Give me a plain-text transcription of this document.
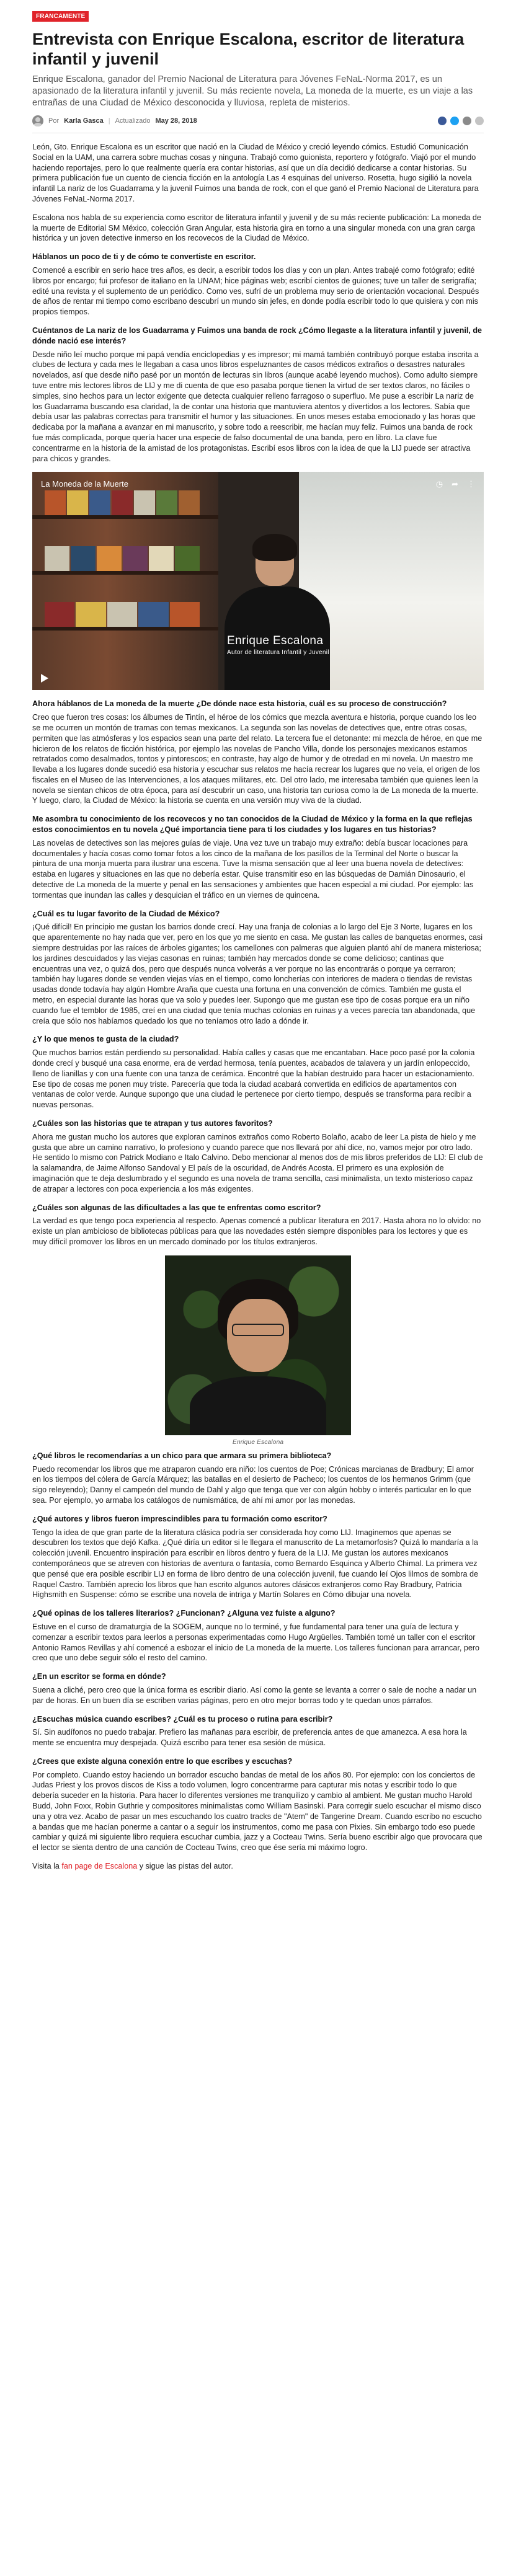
FRANCAMENTE
Entrevista con Enrique Escalona, escritor de literatura infantil y juvenil

Enrique Escalona, ganador del Premio Nacional de Literatura para Jóvenes FeNaL-Norma 2017, es un apasionado de la literatura infantil y juvenil. Su más reciente novela, La moneda de la muerte, es un viaje a las entrañas de una Ciudad de México desconocida y lluviosa, repleta de misterios.

Por Karla Gasca | Actualizado May 28, 2018

León, Gto. Enrique Escalona es un escritor que nació en la Ciudad de México y creció leyendo cómics. Estudió Comunicación Social en la UAM, una carrera sobre muchas cosas y ninguna. Trabajó como guionista, reportero y fotógrafo. Viajó por el mundo haciendo reportajes, pero lo que realmente quería era contar historias, así que un día decidió dedicarse a contar historias. Su primera publicación fue un cuento de ciencia ficción en la antología Las 4 esquinas del universo. Rosetta, hugo sigilió la novela infantil La nariz de los Guadarrama y la juvenil Fuimos una banda de rock, con el que ganó el Premio Nacional de Literatura para Jóvenes FeNaL-Norma 2017.

Escalona nos habla de su experiencia como escritor de literatura infantil y juvenil y de su más reciente publicación: La moneda de la muerte de Editorial SM México, colección Gran Angular, esta historia gira en torno a una singular moneda con una gran carga histórica y un joven detective inmerso en los recovecos de la Ciudad de México.

Háblanos un poco de ti y de cómo te convertiste en escritor.

Comencé a escribir en serio hace tres años, es decir, a escribir todos los días y con un plan. Antes trabajé como fotógrafo; edité libros por encargo; fui profesor de italiano en la UNAM; hice páginas web; escribí cientos de guiones; tuve un taller de serigrafía; edité una revista y el suplemento de un periódico. Como ves, sufrí de un problema muy serio de orientación vocacional. Después de años de rentar mi tiempo como escribano descubrí un mundo sin jefes, en donde podía escribir todo lo que quisiera y con mis propios tiempos.

Cuéntanos de La nariz de los Guadarrama y Fuimos una banda de rock ¿Cómo llegaste a la literatura infantil y juvenil, de dónde nació ese interés?

Desde niño leí mucho porque mi papá vendía enciclopedias y es impresor; mi mamá también contribuyó porque estaba inscrita a clubes de lectura y cada mes le llegaban a casa unos libros espeluznantes de casos médicos extraños o desastres naturales novelados, así que desde niño pasé por un montón de lecturas sin libros (aunque acabé leyendo muchos). Como adulto siempre tuve entre mis lectores libros de LIJ y me di cuenta de que eso pasaba porque tienen la virtud de ser textos claros, no fáciles o simples, sino hechos para un lector exigente que detecta cualquier relleno farragoso o superfluo. Me puse a escribir La nariz de los Guadarrama buscando esa claridad, la de contar una historia que mantuviera atentos y divertidos a los lectores. Sabía que debía usar las palabras correctas para transmitir el humor y las situaciones. En unos meses estaba emocionado y las horas que dedicaba por la mañana a avanzar en mi manuscrito, y sobre todo a reescribir, me hacían muy feliz. Fuimos una banda de rock fue más complicada, porque quería hacer una especie de falso documental de una banda, pero en libro. La clave fue concentrarme en la historia de la amistad de los protagonistas. Escribí esos libros con la idea de que la LIJ puede ser atractiva para chicos y grandes.

La Moneda de la Muerte	◷ ➦ ⋮
Enrique Escalona
Autor de literatura Infantil y Juvenil

Ahora háblanos de La moneda de la muerte ¿De dónde nace esta historia, cuál es su proceso de construcción?

Creo que fueron tres cosas: los álbumes de Tintín, el héroe de los cómics que mezcla aventura e historia, porque cuando los leo se me ocurren un montón de tramas con temas mexicanos. La segunda son las novelas de detectives que, entre otras cosas, permiten que las atmósferas y los espacios sean una parte del relato. La tercera fue el detonante: mi mezcla de héroe, en que me hicieron de los relatos de ficción histórica, por ejemplo las novelas de Pancho Villa, donde los personajes mexicanos estamos retratados como desalmados, tontos y pintorescos; en contraste, hay algo de humor y de otredad en mi novela. Un maestro me llevaba a los lugares donde sucedió esa historia y escuchar sus relatos me hacía recrear los lugares que no veía, el origen de los fiscales en el Museo de las Intervenciones, a los ataques militares, etc. Del otro lado, me interesaba también que quienes leen la novela se sientan chicos de otra época, para así descubrir un caso, una historia tan curiosa como la de La moneda de la muerte. Y luego, claro, la Ciudad de México: la historia se cuenta en una versión muy viva de la ciudad.

Me asombra tu conocimiento de los recovecos y no tan conocidos de la Ciudad de México y la forma en la que reflejas estos conocimientos en tu novela ¿Qué importancia tiene para ti los ciudades y los lugares en tus historias?

Las novelas de detectives son las mejores guías de viaje. Una vez tuve un trabajo muy extraño: debía buscar locaciones para documentales y hacía cosas como tomar fotos a los cinco de la mañana de los pasillos de la Terminal del Norte o buscar la pintura de una monja muerta para ilustrar una escena. Tuve la misma sensación que al leer una buena novela de detectives: estaba en lugares y situaciones en las que no debería estar. Quise transmitir eso en las búsquedas de Damián Dinosaurio, el detective de La moneda de la muerte y penal en las sensaciones y ambientes que hacen especial a mi ciudad. Por ejemplo: las tormentas que inundan las calles y desquician el tráfico en un viernes de quincena.

¿Cuál es tu lugar favorito de la Ciudad de México?

¡Qué difícil! En principio me gustan los barrios donde crecí. Hay una franja de colonias a lo largo del Eje 3 Norte, lugares en los que aparentemente no hay nada que ver, pero en los que yo me siento en casa. Me gustan las calles de banquetas enormes, casi siempre destruidas por las raíces de árboles gigantes; los camellones con palmeras que alguien plantó ahí de manera misteriosa; los jardines descuidados y las viejas casonas en ruinas; también hay mercados donde se come delicioso; cantinas que encuentras una vez, o quizá dos, pero que después nunca volverás a ver porque no las encontrarás o porque ya cerraron; también hay lugares donde se venden viejas vías en el tiempo, como loncherías con interiores de madera o tiendas de revistas usadas donde todavía hay algún Hombre Araña que cuesta una fortuna en una convención de cómics. También me gusta el metro, en especial durante las horas que va solo y puedes leer. Supongo que me gustan ese tipo de cosas porque era un niño cuando fue el temblor de 1985, creí en una ciudad que tenía muchas colonias en ruinas y a veces parecía tan abandonada, que creía que sólo nos habíamos quedado los que no teníamos otro lado a dónde ir.

¿Y lo que menos te gusta de la ciudad?

Que muchos barrios están perdiendo su personalidad. Había calles y casas que me encantaban. Hace poco pasé por la colonia donde crecí y busqué una casa enorme, era de verdad hermosa, tenía puentes, acabados de talavera y un jardín enlopeccido, lleno de lianillas y con una fuente con una tanza de cerámica. Encontré que la habían destruido para hacer un estacionamiento. Ese tipo de cosas me ponen muy triste. Parecería que toda la ciudad acabará convertida en edificios de apartamentos con ventanas de color verde. Aunque supongo que una ciudad le pertenece por cierto tiempo, después se transforma para recibir a nuevas personas.

¿Cuáles son las historias que te atrapan y tus autores favoritos?

Ahora me gustan mucho los autores que exploran caminos extraños como Roberto Bolaño, acabo de leer La pista de hielo y me gusta que abre un camino narrativo, lo profesiono y cuando parece que nos llevará por ahí dice, no, vamos mejor por otro lado. He sentido lo mismo con Patrick Modiano e Italo Calvino. Debo mencionar al menos dos de mis libros preferidos de LIJ: El club de la salamandra, de Jaime Alfonso Sandoval y El país de la oscuridad, de Andrés Acosta. El primero es una explosión de imaginación que te deja deslumbrado y el segundo es una novela de trama sencilla, casi minimalista, un texto misterioso capaz de atrapar a lectores con poca experiencia a los más exigentes.

¿Cuáles son algunas de las dificultades a las que te enfrentas como escritor?

La verdad es que tengo poca experiencia al respecto. Apenas comencé a publicar literatura en 2017. Hasta ahora no lo olvido: no existe un plan ambicioso de bibliotecas públicas para que las novedades estén siempre disponibles para los lectores y que es muy difícil promover los libros en un mercado dominado por los títulos extranjeros.

Enrique Escalona

¿Qué libros le recomendarías a un chico para que armara su primera biblioteca?

Puedo recomendar los libros que me atraparon cuando era niño: los cuentos de Poe; Crónicas marcianas de Bradbury; El amor en los tiempos del cólera de García Márquez; las batallas en el desierto de Pacheco; los cuentos de los hermanos Grimm (que sigo releyendo); Danny el campeón del mundo de Dahl y algo que tenga que ver con algún hobby o interés particular en lo que sea. Por ejemplo, yo armaba los catálogos de numismática, de ahí mi amor por las monedas.

¿Qué autores y libros fueron imprescindibles para tu formación como escritor?

Tengo la idea de que gran parte de la literatura clásica podría ser considerada hoy como LIJ. Imaginemos que apenas se descubren los textos que dejó Kafka. ¿Qué diría un editor si le llegara el manuscrito de La metamorfosis? Quizá lo mandaría a la colección juvenil. Encuentro inspiración para escribir en libros dentro y fuera de la LIJ. Me gustan los autores mexicanos contemporáneos que se atreven con historias de aventura o fantasía, como Bernardo Esquinca y Alberto Chimal. La primera vez que pensé que era posible escribir LIJ en forma de libro dentro de una colección juvenil, fue cuando leí Ojos lilmos de sombra de Raquel Castro. También aprecio los libros que han escrito algunos autores clásicos extranjeros como Ray Bradbury, Patricia Highsmith en Suspense: cómo se escribe una novela de intriga y Martín Solares en Cómo dibujar una novela.

¿Qué opinas de los talleres literarios? ¿Funcionan? ¿Alguna vez fuiste a alguno?

Estuve en el curso de dramaturgia de la SOGEM, aunque no lo terminé, y fue fundamental para tener una guía de lectura y comenzar a escribir textos para leerlos a personas experimentadas como Hugo Argüelles. También tomé un taller con el escritor Antonio Ramos Revillas y ahí comencé a esbozar el inicio de La moneda de la muerte. Los talleres funcionan para arrancar, pero creo que uno debe seguir sólo el resto del camino.

¿En un escritor se forma en dónde?

Suena a cliché, pero creo que la única forma es escribir diario. Así como la gente se levanta a correr o sale de noche a nadar un par de horas. En un buen día se escriben varias páginas, pero en otro mejor borras todo y te quedan unos párrafos.

¿Escuchas música cuando escribes? ¿Cuál es tu proceso o rutina para escribir?

Sí. Sin audífonos no puedo trabajar. Prefiero las mañanas para escribir, de preferencia antes de que amanezca. A esa hora la mente se encuentra muy despejada. Quizá escribo para tener esa sesión de música.

¿Crees que existe alguna conexión entre lo que escribes y escuchas?

Por completo. Cuando estoy haciendo un borrador escucho bandas de metal de los años 80. Por ejemplo: con los conciertos de Judas Priest y los provos discos de Kiss a todo volumen, logro concentrarme para capturar mis notas y escribir todo lo que debería suceder en la historia. Para hacer lo diferentes versiones me tranquilizo y cambio al ambient. Me gustan mucho Harold Budd, John Foxx, Robin Guthrie y compositores minimalistas como William Basinski. Para corregir suelo escuchar el mismo disco una y otra vez. Acabo de pasar un mes escuchando los cuatro tracks de "Atem" de Tangerine Dream. Cuando escribo no escucho a bandas que me hacían ponerme a cantar o a seguir los instrumentos, como me pasa con Pixies. Sin embargo todo eso puede cambiar y quizá mi siguiente libro requiera escuchar cumbia, jazz y a Cocteau Twins. Sería bueno escribir algo que provocara que el lector se sienta dentro de una canción de Cocteau Twins, creo que ése sería mi máximo logro.

Visita la fan page de Escalona y sigue las pistas del autor.
